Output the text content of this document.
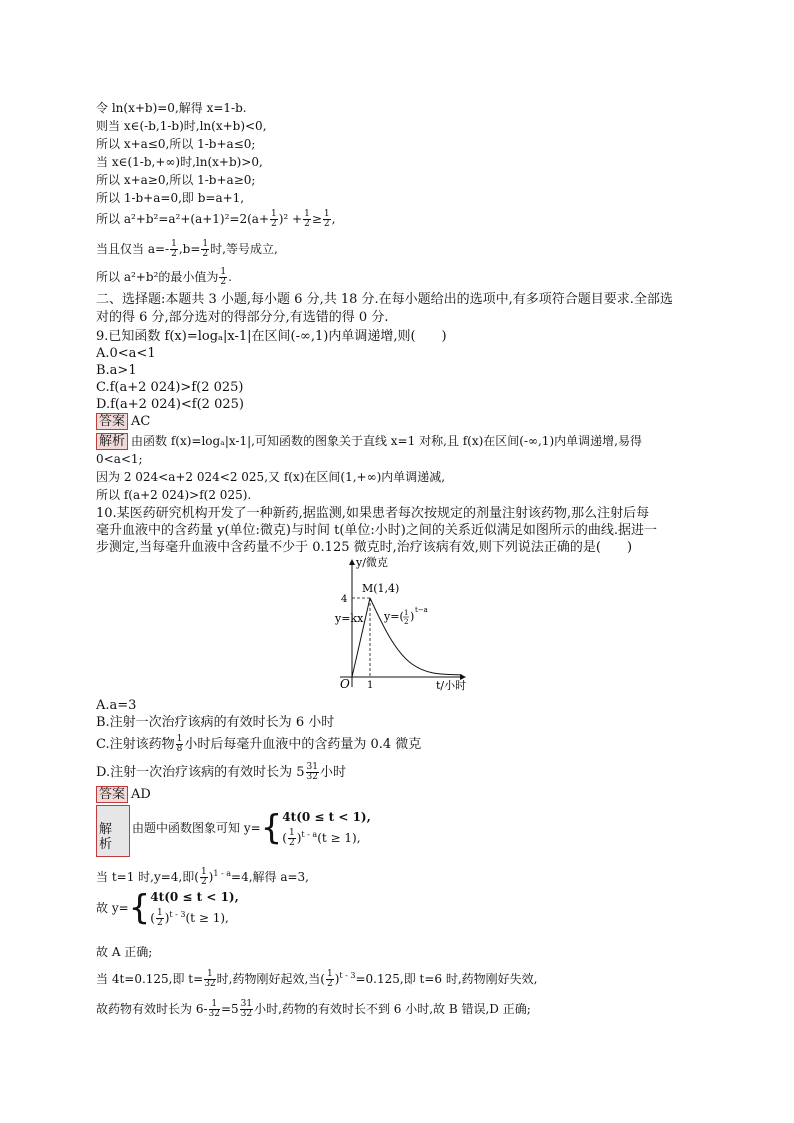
令 ln(x+b)=0,解得 x=1-b.
则当 x∈(-b,1-b)时,ln(x+b)<0,
所以 x+a≤0,所以 1-b+a≤0;
当 x∈(1-b,+∞)时,ln(x+b)>0,
所以 x+a≥0,所以 1-b+a≥0;
所以 1-b+a=0,即 b=a+1,
所以 $a^2+b^2=a^2+(a+1)^2=2(a+ \frac{1}{2} )^2 + \frac{1}{2} \ge \frac{1}{2}$ ,
当且仅当 $a=- \frac{1}{2} ,b= \frac{1}{2}$ 时,等号成立,
所以 a²+b²的最小值为 $\frac{1}{2}$ .
二、选择题:本题共 3 小题,每小题 6 分,共 18 分.在每小题给出的选项中,有多项符合题目要求.全部选
对的得 6 分,部分选对的得部分分,有选错的得 0 分.
9.已知函数 f(x)=logₐ|x-1|在区间(-∞,1)内单调递增,则(　　)
A.0<a<1
B.a>1
C.f(a+2 024)>f(2 025)
D.f(a+2 024)<f(2 025)
答案 AC
解析 由函数 f(x)=logₐ|x-1|,可知函数的图象关于直线 x=1 对称,且 f(x)在区间(-∞,1)内单调递增,易得
0<a<1;
因为 2 024<a+2 024<2 025,又 f(x)在区间(1,+∞)内单调递减,
所以 f(a+2 024)>f(2 025).
10.某医药研究机构开发了一种新药,据监测,如果患者每次按规定的剂量注射该药物,那么注射后每
毫升血液中的含药量 y(单位:微克)与时间 t(单位:小时)之间的关系近似满足如图所示的曲线.据进一
步测定,当每毫升血液中含药量不少于 0.125 微克时,治疗该病有效,则下列说法正确的是(　　)
y/微克
t/小时
O 1
4
M(1,4)
y=kx y=( 1
2 ) t−a
A.a=3
B.注射一次治疗该病的有效时长为 6 小时
C.注射该药物 $\frac{1}{8}$ 小时后每毫升血液中的含药量为 0.4 微克
D.注射一次治疗该病的有效时长为 $5 \frac{31}{32}$ 小时
答案 AD
解析
由题中函数图象可知 y={ 4t(0 ≤ t < 1),
( $\frac{1}{2} )^{t - a}(t \ge 1)$,
当 t=1 时,y=4,即( $\frac{1}{2} )^{1 - a}=4$,解得 a=3,
故 y={ 4t(0 ≤ t < 1),
( $\frac{1}{2} )^{t - 3}(t \ge 1)$,
故 A 正确;
当 4t=0.125,即 $t= \frac{1}{32}$ 时,药物刚好起效,当( $\frac{1}{2} )^{t - 3}=0.125$,即 t=6 时,药物刚好失效,
故药物有效时长为 $6- \frac{1}{32} =5 \frac{31}{32}$ 小时,药物的有效时长不到 6 小时,故 B 错误,D 正确;
